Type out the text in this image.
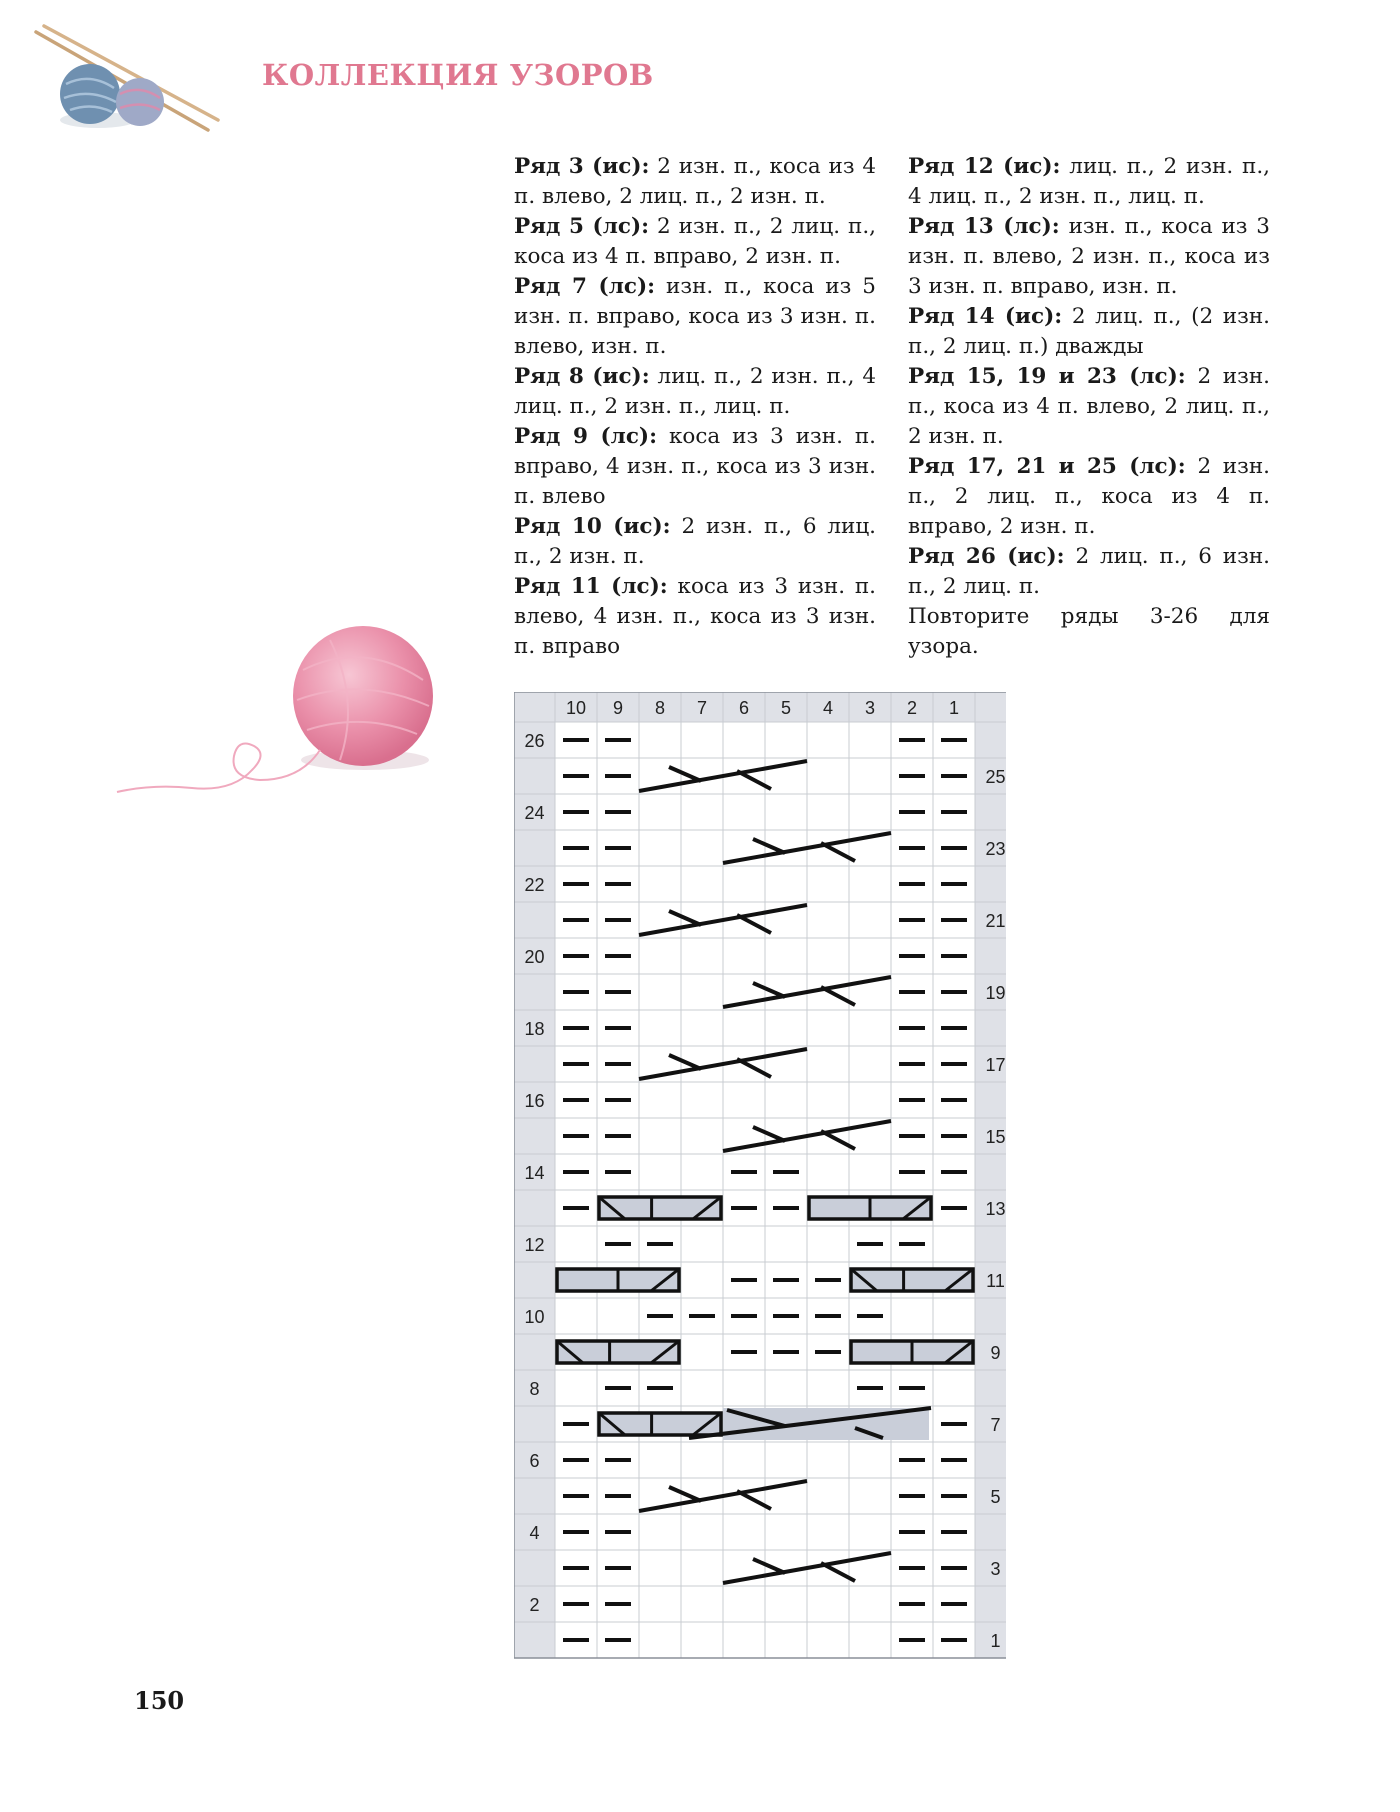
КОЛЛЕКЦИЯ УЗОРОВ

Ряд 3 (ис): 2 изн. п., коса из 4 п. влево, 2 лиц. п., 2 изн. п.

Ряд 5 (лс): 2 изн. п., 2 лиц. п., коса из 4 п. вправо, 2 изн. п.

Ряд 7 (лс): изн. п., коса из 5 изн. п. вправо, коса из 3 изн. п. влево, изн. п.

Ряд 8 (ис): лиц. п., 2 изн. п., 4 лиц. п., 2 изн. п., лиц. п.

Ряд 9 (лс): коса из 3 изн. п. вправо, 4 изн. п., коса из 3 изн. п. влево

Ряд 10 (ис): 2 изн. п., 6 лиц. п., 2 изн. п.

Ряд 11 (лс): коса из 3 изн. п. влево, 4 изн. п., коса из 3 изн. п. вправо

Ряд 12 (ис): лиц. п., 2 изн. п., 4 лиц. п., 2 изн. п., лиц. п.

Ряд 13 (лс): изн. п., коса из 3 изн. п. влево, 2 изн. п., коса из 3 изн. п. вправо, изн. п.

Ряд 14 (ис): 2 лиц. п., (2 изн. п., 2 лиц. п.) дважды

Ряд 15, 19 и 23 (лс): 2 изн. п., коса из 4 п. влево, 2 лиц. п., 2 изн. п.

Ряд 17, 21 и 25 (лс): 2 изн. п., 2 лиц. п., коса из 4 п. вправо, 2 изн. п.

Ряд 26 (ис): 2 лиц. п., 6 изн. п., 2 лиц. п.

Повторите ряды 3-26 для узора.

10 9 8 7 6 5 4 3 2 1
26
24
22
20
18
16
14
12
10
8
6
4
2
25
23
21
19
17
15
13
11
9
7
5
3
1

150
